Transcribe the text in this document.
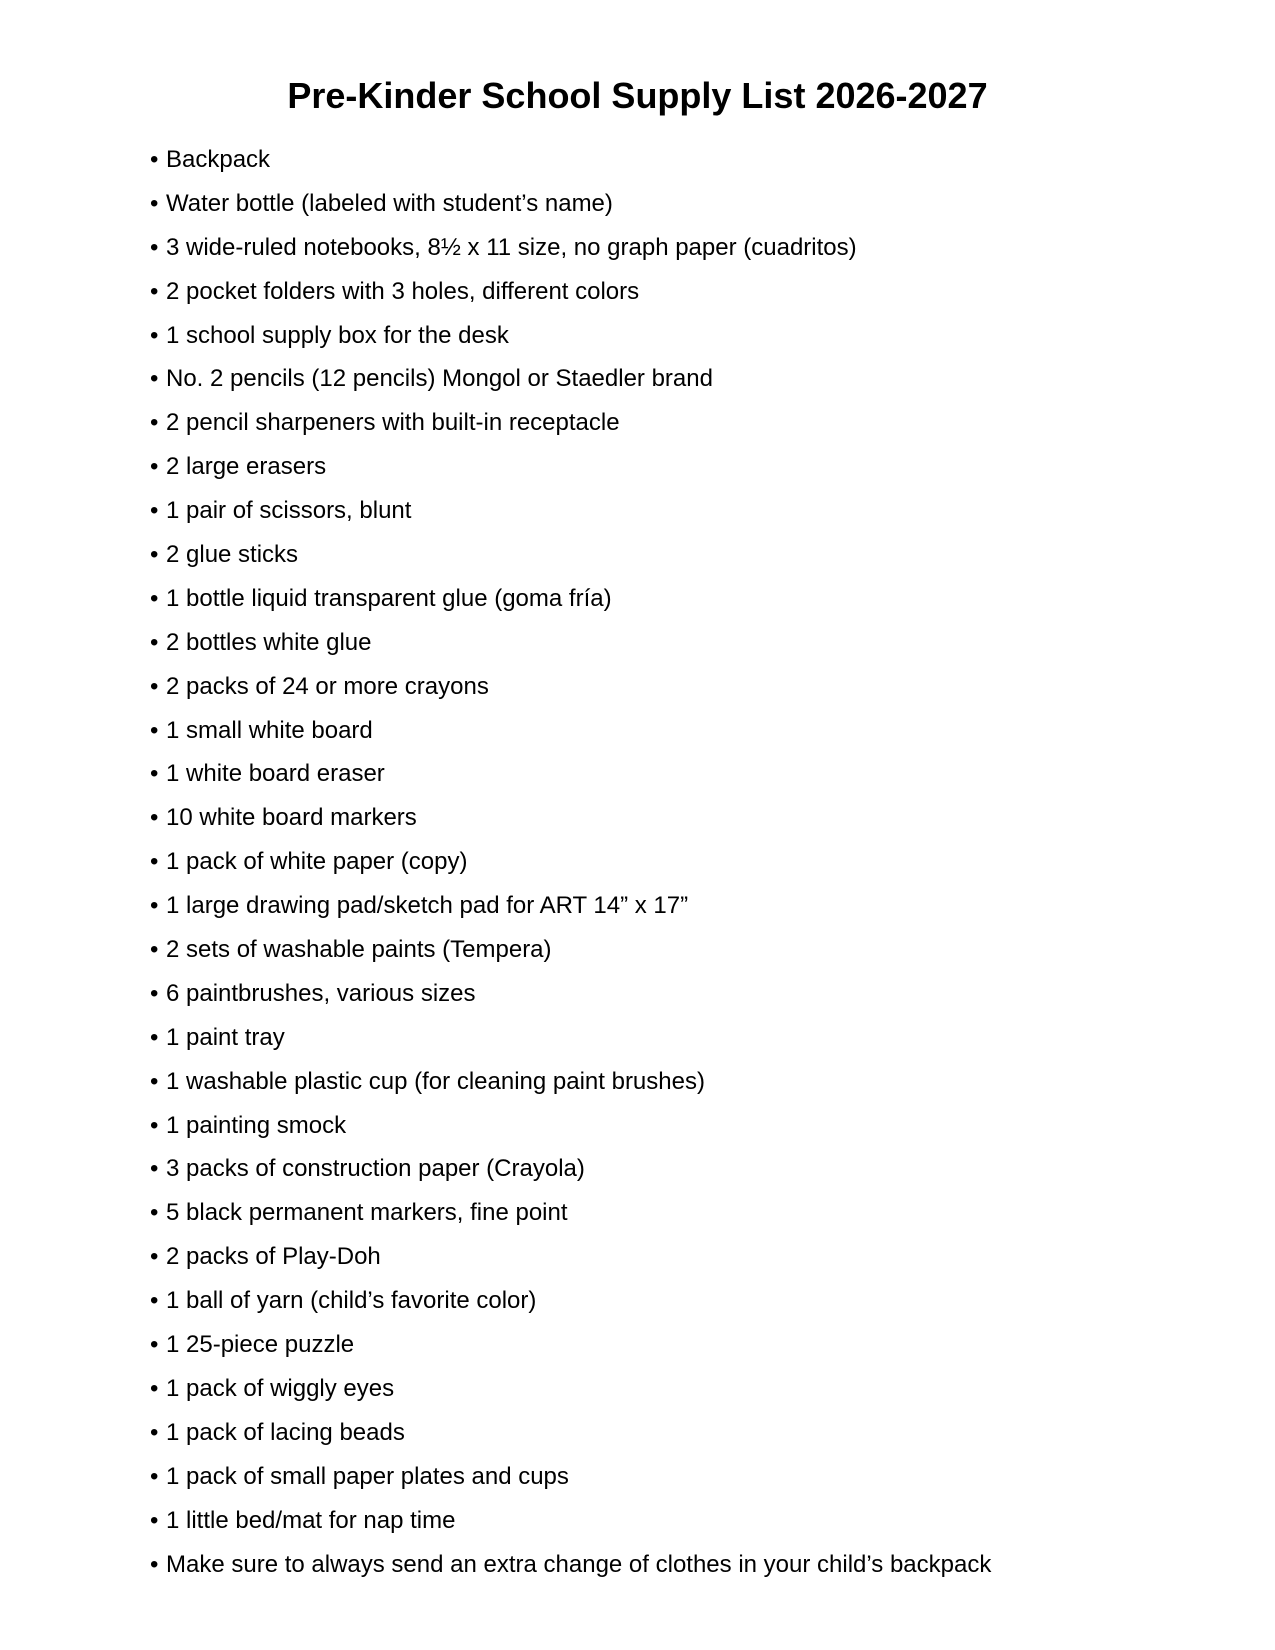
Pre-Kinder School Supply List 2026-2027
• Backpack
• Water bottle (labeled with student’s name)
• 3 wide-ruled notebooks, 8½ x 11 size, no graph paper (cuadritos)
• 2 pocket folders with 3 holes, different colors
• 1 school supply box for the desk
• No. 2 pencils (12 pencils) Mongol or Staedler brand
• 2 pencil sharpeners with built-in receptacle
• 2 large erasers
• 1 pair of scissors, blunt
• 2 glue sticks
• 1 bottle liquid transparent glue (goma fría)
• 2 bottles white glue
• 2 packs of 24 or more crayons
• 1 small white board
• 1 white board eraser
• 10 white board markers
• 1 pack of white paper (copy)
• 1 large drawing pad/sketch pad for ART 14” x 17”
• 2 sets of washable paints (Tempera)
• 6 paintbrushes, various sizes
• 1 paint tray
• 1 washable plastic cup (for cleaning paint brushes)
• 1 painting smock
• 3 packs of construction paper (Crayola)
• 5 black permanent markers, fine point
• 2 packs of Play-Doh
• 1 ball of yarn (child’s favorite color)
• 1 25-piece puzzle
• 1 pack of wiggly eyes
• 1 pack of lacing beads
• 1 pack of small paper plates and cups
• 1 little bed/mat for nap time
• Make sure to always send an extra change of clothes in your child’s backpack
